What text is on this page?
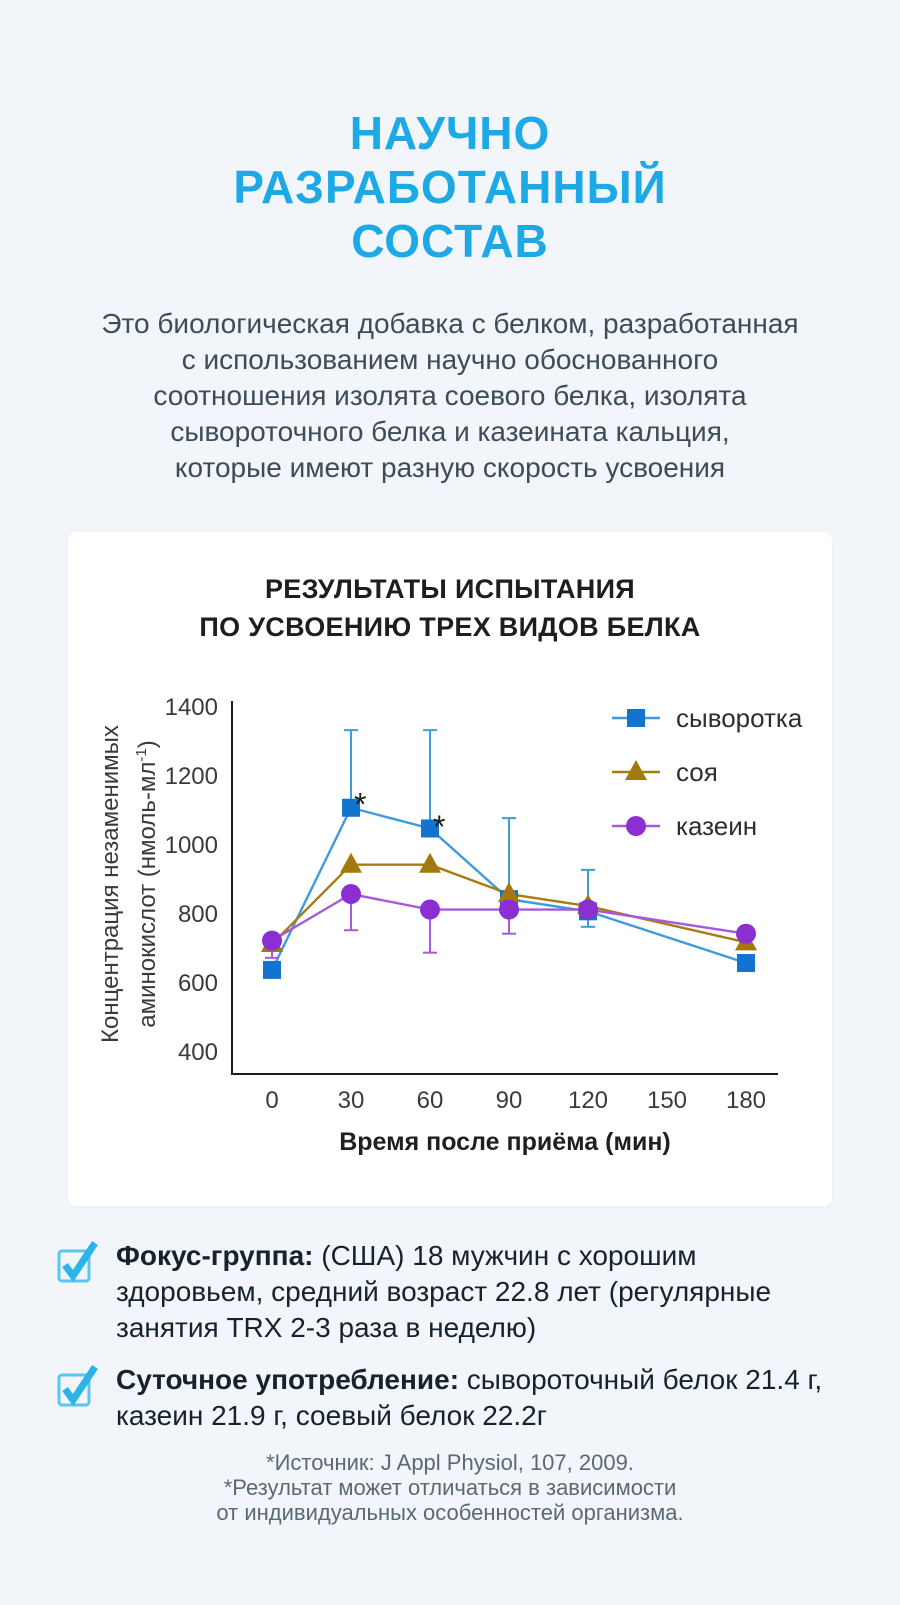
НАУЧНО
РАЗРАБОТАННЫЙ
СОСТАВ
Это биологическая добавка с белком, разработанная
с использованием научно обоснованного
соотношения изолята соевого белка, изолята
сывороточного белка и казеината кальция,
которые имеют разную скорость усвоения
РЕЗУЛЬТАТЫ ИСПЫТАНИЯ
ПО УСВОЕНИЮ ТРЕХ ВИДОВ БЕЛКА
400
600
800
1000
1200
1400
0 30 60 90 120 150 180
Время после приёма (мин)
*
*
сыворотка
соя
казеин
Концентрация незаменимых аминокислот $(нмоль-мл^{-1})$
Фокус-группа: (США) 18 мужчин с хорошим здоровьем, средний возраст 22.8 лет (регулярные занятия TRX 2-3 раза в неделю)
Суточное употребление: сывороточный белок 21.4 г, казеин 21.9 г, соевый белок 22.2г
*Источник: J Appl Physiol, 107, 2009.
*Результат может отличаться в зависимости
от индивидуальных особенностей организма.
